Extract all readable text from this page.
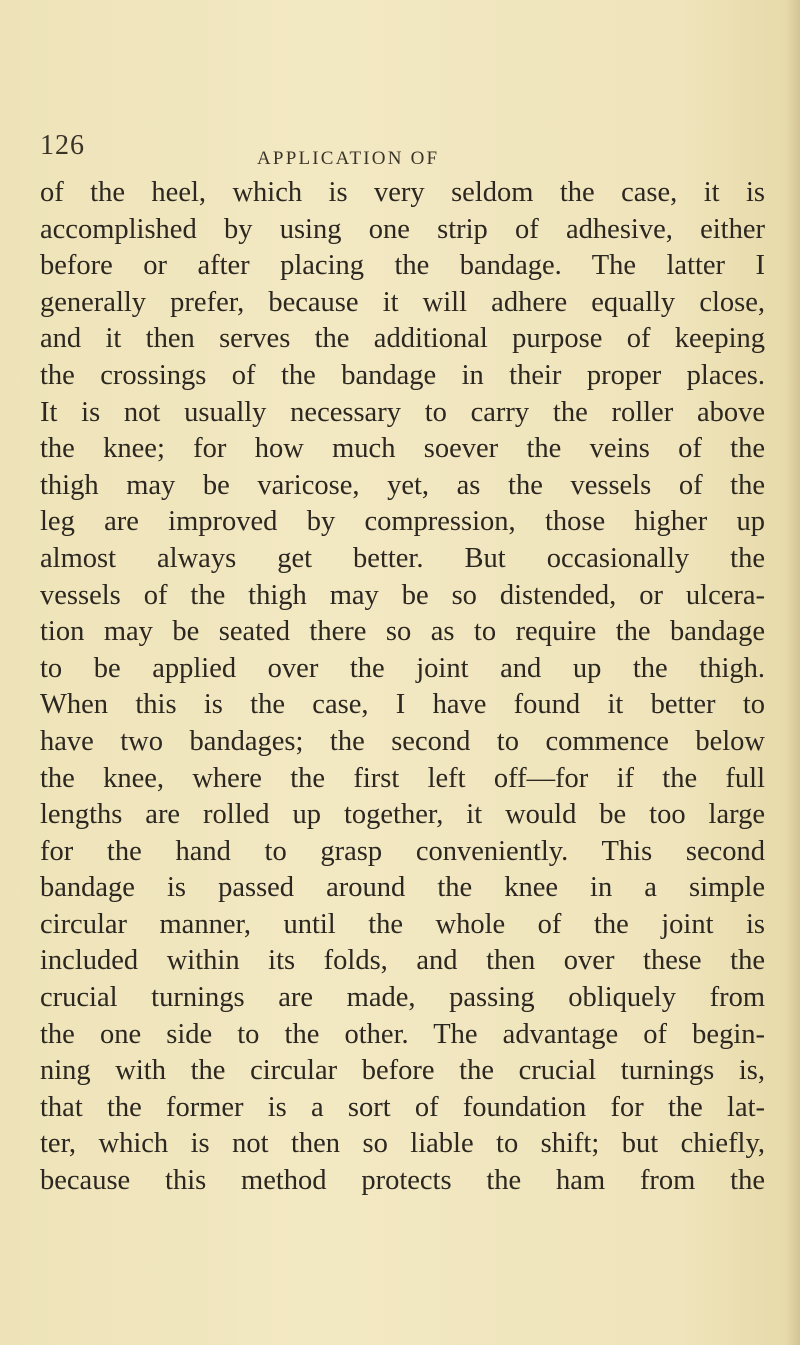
126	APPLICATION OF
of the heel, which is very seldom the case, it is
accomplished by using one strip of adhesive, either
before or after placing the bandage. The latter I
generally prefer, because it will adhere equally close,
and it then serves the additional purpose of keeping
the crossings of the bandage in their proper places.
It is not usually necessary to carry the roller above
the knee; for how much soever the veins of the
thigh may be varicose, yet, as the vessels of the
leg are improved by compression, those higher up
almost always get better. But occasionally the
vessels of the thigh may be so distended, or ulcera-
tion may be seated there so as to require the bandage
to be applied over the joint and up the thigh.
When this is the case, I have found it better to
have two bandages; the second to commence below
the knee, where the first left off—for if the full
lengths are rolled up together, it would be too large
for the hand to grasp conveniently. This second
bandage is passed around the knee in a simple
circular manner, until the whole of the joint is
included within its folds, and then over these the
crucial turnings are made, passing obliquely from
the one side to the other. The advantage of begin-
ning with the circular before the crucial turnings is,
that the former is a sort of foundation for the lat-
ter, which is not then so liable to shift; but chiefly,
because this method protects the ham from the
